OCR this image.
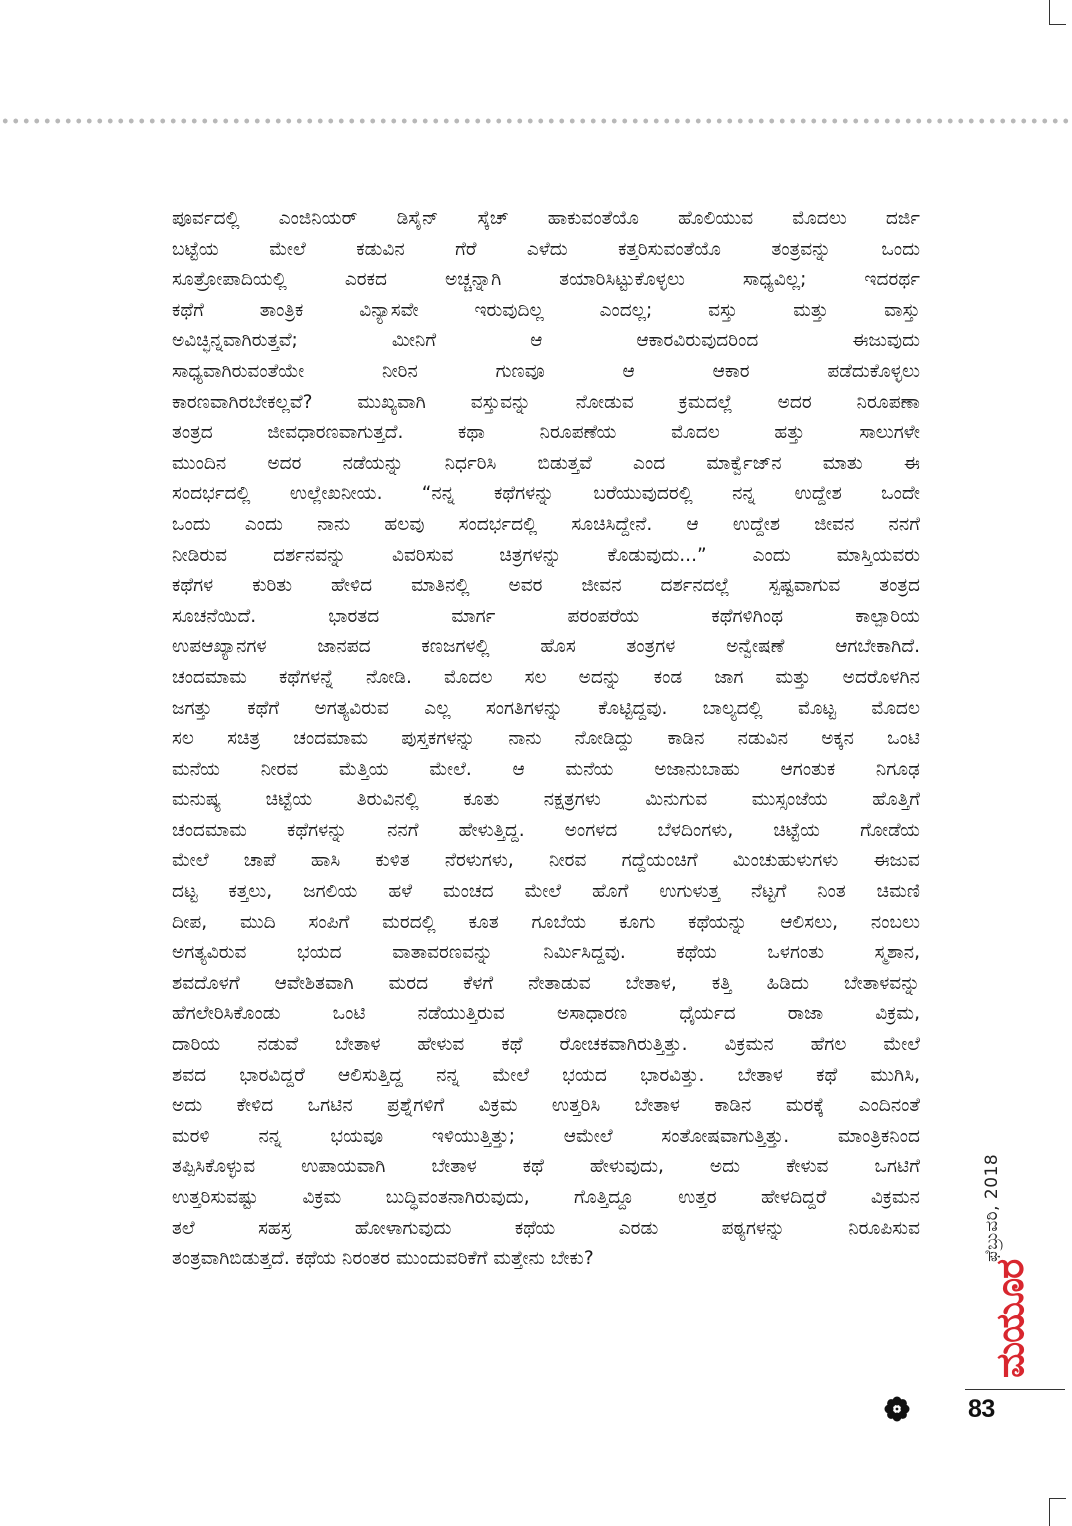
ಪೂರ್ವದಲ್ಲಿ ಎಂಜಿನಿಯರ್ ಡಿಸೈನ್ ಸ್ಕೆಚ್ ಹಾಕುವಂತೆಯೊ ಹೊಲಿಯುವ ಮೊದಲು ದರ್ಜಿ

ಬಟ್ಟೆಯ ಮೇಲೆ ಕಡುವಿನ ಗೆರೆ ಎಳೆದು ಕತ್ತರಿಸುವಂತೆಯೊ ತಂತ್ರವನ್ನು ಒಂದು

ಸೂತ್ರೋಪಾದಿಯಲ್ಲಿ ಎರಕದ ಅಚ್ಚನ್ನಾಗಿ ತಯಾರಿಸಿಟ್ಟುಕೊಳ್ಳಲು ಸಾಧ್ಯವಿಲ್ಲ; ಇದರರ್ಥ

ಕಥೆಗೆ ತಾಂತ್ರಿಕ ವಿನ್ಯಾಸವೇ ಇರುವುದಿಲ್ಲ ಎಂದಲ್ಲ; ವಸ್ತು ಮತ್ತು ವಾಸ್ತು

ಅವಿಚ್ಛಿನ್ನವಾಗಿರುತ್ತವೆ; ಮೀನಿಗೆ ಆ ಆಕಾರವಿರುವುದರಿಂದ ಈಜುವುದು

ಸಾಧ್ಯವಾಗಿರುವಂತೆಯೇ ನೀರಿನ ಗುಣವೂ ಆ ಆಕಾರ ಪಡೆದುಕೊಳ್ಳಲು

ಕಾರಣವಾಗಿರಬೇಕಲ್ಲವೆ? ಮುಖ್ಯವಾಗಿ ವಸ್ತುವನ್ನು ನೋಡುವ ಕ್ರಮದಲ್ಲೆ ಅದರ ನಿರೂಪಣಾ

ತಂತ್ರದ ಜೀವಧಾರಣವಾಗುತ್ತದೆ. ಕಥಾ ನಿರೂಪಣೆಯ ಮೊದಲ ಹತ್ತು ಸಾಲುಗಳೇ

ಮುಂದಿನ ಅದರ ನಡೆಯನ್ನು ನಿರ್ಧರಿಸಿ ಬಿಡುತ್ತವೆ ಎಂದ ಮಾರ್ಕ್ವೆಜ್‌ನ ಮಾತು ಈ

ಸಂದರ್ಭದಲ್ಲಿ ಉಲ್ಲೇಖನೀಯ. “ನನ್ನ ಕಥೆಗಳನ್ನು ಬರೆಯುವುದರಲ್ಲಿ ನನ್ನ ಉದ್ದೇಶ ಒಂದೇ

ಒಂದು ಎಂದು ನಾನು ಹಲವು ಸಂದರ್ಭದಲ್ಲಿ ಸೂಚಿಸಿದ್ದೇನೆ. ಆ ಉದ್ದೇಶ ಜೀವನ ನನಗೆ

ನೀಡಿರುವ ದರ್ಶನವನ್ನು ವಿವರಿಸುವ ಚಿತ್ರಗಳನ್ನು ಕೊಡುವುದು...” ಎಂದು ಮಾಸ್ತಿಯವರು

ಕಥೆಗಳ ಕುರಿತು ಹೇಳಿದ ಮಾತಿನಲ್ಲಿ ಅವರ ಜೀವನ ದರ್ಶನದಲ್ಲೆ ಸ್ಪಷ್ಟವಾಗುವ ತಂತ್ರದ

ಸೂಚನೆಯಿದೆ. ಭಾರತದ ಮಾರ್ಗ ಪರಂಪರೆಯ ಕಥೆಗಳಿಗಿಂಥ ಕಾಲ್ಪಾರಿಯ

ಉಪಆಖ್ಯಾನಗಳ ಜಾನಪದ ಕಣಜಗಳಲ್ಲಿ ಹೊಸ ತಂತ್ರಗಳ ಅನ್ವೇಷಣೆ ಆಗಬೇಕಾಗಿದೆ.

ಚಂದಮಾಮ ಕಥೆಗಳನ್ನೆ ನೋಡಿ. ಮೊದಲ ಸಲ ಅದನ್ನು ಕಂಡ ಜಾಗ ಮತ್ತು ಅದರೊಳಗಿನ

ಜಗತ್ತು ಕಥೆಗೆ ಅಗತ್ಯವಿರುವ ಎಲ್ಲ ಸಂಗತಿಗಳನ್ನು ಕೊಟ್ಟಿದ್ದವು. ಬಾಲ್ಯದಲ್ಲಿ ಮೊಟ್ಟ ಮೊದಲ

ಸಲ ಸಚಿತ್ರ ಚಂದಮಾಮ ಪುಸ್ತಕಗಳನ್ನು ನಾನು ನೋಡಿದ್ದು ಕಾಡಿನ ನಡುವಿನ ಅಕ್ಕನ ಒಂಟಿ

ಮನೆಯ ನೀರವ ಮೆತ್ತಿಯ ಮೇಲೆ. ಆ ಮನೆಯ ಅಜಾನುಬಾಹು ಆಗಂತುಕ ನಿಗೂಢ

ಮನುಷ್ಯ ಚಿಟ್ಟೆಯ ತಿರುವಿನಲ್ಲಿ ಕೂತು ನಕ್ಷತ್ರಗಳು ಮಿನುಗುವ ಮುಸ್ಸಂಜೆಯ ಹೊತ್ತಿಗೆ

ಚಂದಮಾಮ ಕಥೆಗಳನ್ನು ನನಗೆ ಹೇಳುತ್ತಿದ್ದ. ಅಂಗಳದ ಬೆಳದಿಂಗಳು, ಚಿಟ್ಟೆಯ ಗೋಡೆಯ

ಮೇಲೆ ಚಾಪೆ ಹಾಸಿ ಕುಳಿತ ನೆರಳುಗಳು, ನೀರವ ಗದ್ದೆಯಂಚಿಗೆ ಮಿಂಚುಹುಳುಗಳು ಈಜುವ

ದಟ್ಟ ಕತ್ತಲು, ಜಗಲಿಯ ಹಳೆ ಮಂಚದ ಮೇಲೆ ಹೊಗೆ ಉಗುಳುತ್ತ ನೆಟ್ಟಗೆ ನಿಂತ ಚಿಮಣಿ

ದೀಪ, ಮುದಿ ಸಂಪಿಗೆ ಮರದಲ್ಲಿ ಕೂತ ಗೂಬೆಯ ಕೂಗು ಕಥೆಯನ್ನು ಆಲಿಸಲು, ನಂಬಲು

ಅಗತ್ಯವಿರುವ ಭಯದ ವಾತಾವರಣವನ್ನು ನಿರ್ಮಿಸಿದ್ದವು. ಕಥೆಯ ಒಳಗಂತು ಸ್ಮಶಾನ,

ಶವದೊಳಗೆ ಆವೇಶಿತವಾಗಿ ಮರದ ಕೆಳಗೆ ನೇತಾಡುವ ಬೇತಾಳ, ಕತ್ತಿ ಹಿಡಿದು ಬೇತಾಳವನ್ನು

ಹೆಗಲೇರಿಸಿಕೊಂಡು ಒಂಟಿ ನಡೆಯುತ್ತಿರುವ ಅಸಾಧಾರಣ ಧೈರ್ಯದ ರಾಜಾ ವಿಕ್ರಮ,

ದಾರಿಯ ನಡುವೆ ಬೇತಾಳ ಹೇಳುವ ಕಥೆ ರೋಚಕವಾಗಿರುತ್ತಿತ್ತು. ವಿಕ್ರಮನ ಹೆಗಲ ಮೇಲೆ

ಶವದ ಭಾರವಿದ್ದರೆ ಆಲಿಸುತ್ತಿದ್ದ ನನ್ನ ಮೇಲೆ ಭಯದ ಭಾರವಿತ್ತು. ಬೇತಾಳ ಕಥೆ ಮುಗಿಸಿ,

ಅದು ಕೇಳಿದ ಒಗಟಿನ ಪ್ರಶ್ನೆಗಳಿಗೆ ವಿಕ್ರಮ ಉತ್ತರಿಸಿ ಬೇತಾಳ ಕಾಡಿನ ಮರಕ್ಕೆ ಎಂದಿನಂತೆ

ಮರಳಿ ನನ್ನ ಭಯವೂ ಇಳಿಯುತ್ತಿತ್ತು; ಆಮೇಲೆ ಸಂತೋಷವಾಗುತ್ತಿತ್ತು. ಮಾಂತ್ರಿಕನಿಂದ

ತಪ್ಪಿಸಿಕೊಳ್ಳುವ ಉಪಾಯವಾಗಿ ಬೇತಾಳ ಕಥೆ ಹೇಳುವುದು, ಅದು ಕೇಳುವ ಒಗಟಿಗೆ

ಉತ್ತರಿಸುವಷ್ಟು ವಿಕ್ರಮ ಬುದ್ಧಿವಂತನಾಗಿರುವುದು, ಗೊತ್ತಿದ್ದೂ ಉತ್ತರ ಹೇಳದಿದ್ದರೆ ವಿಕ್ರಮನ

ತಲೆ ಸಹಸ್ರ ಹೋಳಾಗುವುದು ಕಥೆಯ ಎರಡು ಪಠ್ಯಗಳನ್ನು ನಿರೂಪಿಸುವ

ತಂತ್ರವಾಗಿಬಿಡುತ್ತದೆ. ಕಥೆಯ ನಿರಂತರ ಮುಂದುವರಿಕೆಗೆ ಮತ್ತೇನು ಬೇಕು?	ಫೆಬ್ರುವರಿ, 2018
ಮಯೂರ
83
